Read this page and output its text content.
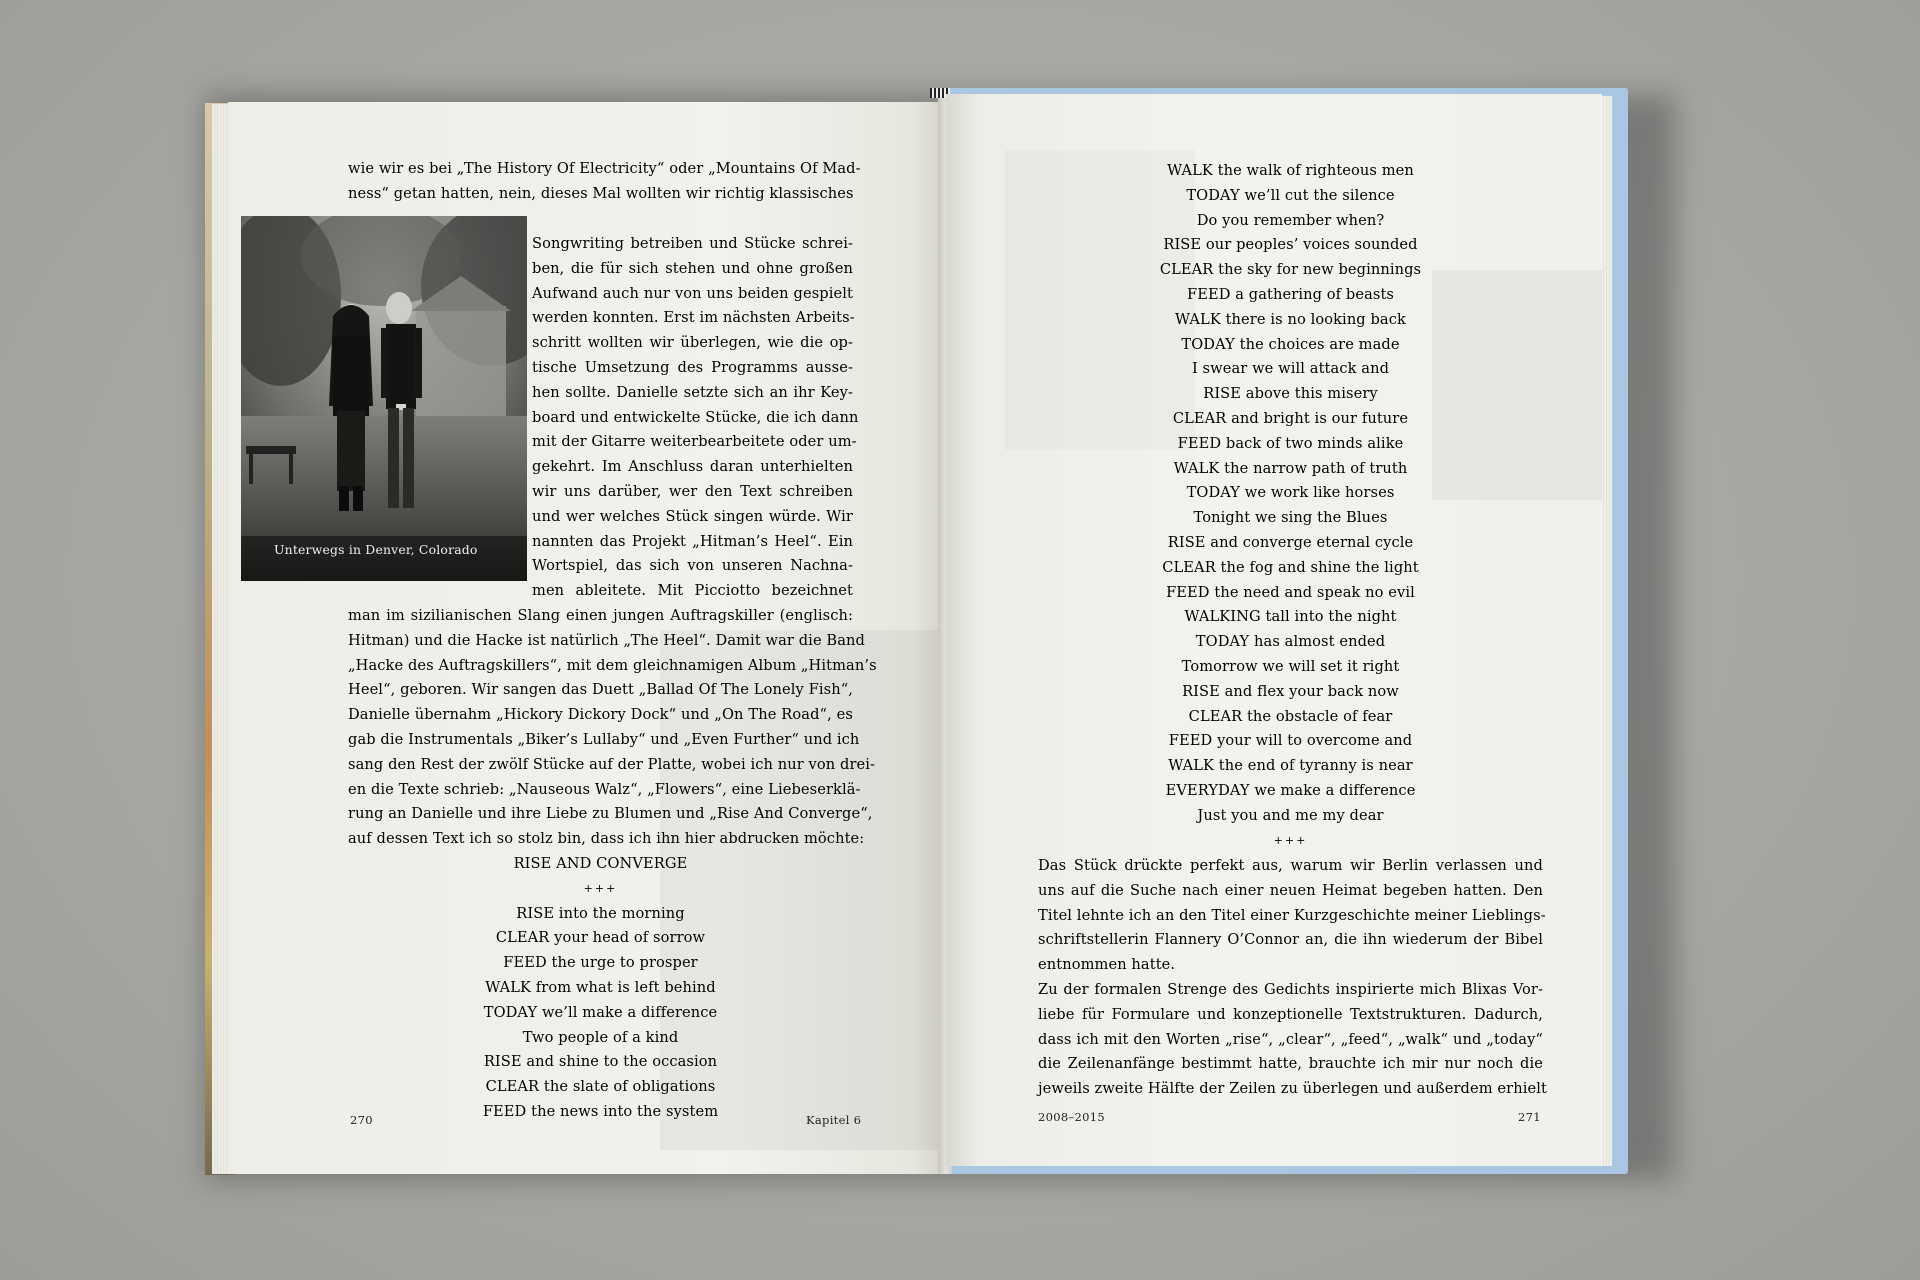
wie wir es bei „The History Of Electricity“ oder „Mountains Of Mad-
ness“ getan hatten, nein, dieses Mal wollten wir richtig klassisches
Unterwegs in Denver, Colorado
Songwriting betreiben und Stücke schrei-
ben, die für sich stehen und ohne großen
Aufwand auch nur von uns beiden gespielt
werden konnten. Erst im nächsten Arbeits-
schritt wollten wir überlegen, wie die op-
tische Umsetzung des Programms ausse-
hen sollte. Danielle setzte sich an ihr Key-
board und entwickelte Stücke, die ich dann
mit der Gitarre weiterbearbeitete oder um-
gekehrt. Im Anschluss daran unterhielten
wir uns darüber, wer den Text schreiben
und wer welches Stück singen würde. Wir
nannten das Projekt „Hitman’s Heel“. Ein
Wortspiel, das sich von unseren Nachna-
men ableitete. Mit Picciotto bezeichnet
man im sizilianischen Slang einen jungen Auftragskiller (englisch:
Hitman) und die Hacke ist natürlich „The Heel“. Damit war die Band
„Hacke des Auftragskillers“, mit dem gleichnamigen Album „Hitman’s
Heel“, geboren. Wir sangen das Duett „Ballad Of The Lonely Fish“,
Danielle übernahm „Hickory Dickory Dock“ und „On The Road“, es
gab die Instrumentals „Biker’s Lullaby“ und „Even Further“ und ich
sang den Rest der zwölf Stücke auf der Platte, wobei ich nur von drei-
en die Texte schrieb: „Nauseous Walz“, „Flowers“, eine Liebeserklä-
rung an Danielle und ihre Liebe zu Blumen und „Rise And Converge“,
auf dessen Text ich so stolz bin, dass ich ihn hier abdrucken möchte:
RISE AND CONVERGE
+++
RISE into the morning
CLEAR your head of sorrow
FEED the urge to prosper
WALK from what is left behind
TODAY we’ll make a difference
Two people of a kind
RISE and shine to the occasion
CLEAR the slate of obligations
FEED the news into the system
270	Kapitel 6
WALK the walk of righteous men
TODAY we’ll cut the silence
Do you remember when?
RISE our peoples’ voices sounded
CLEAR the sky for new beginnings
FEED a gathering of beasts
WALK there is no looking back
TODAY the choices are made
I swear we will attack and
RISE above this misery
CLEAR and bright is our future
FEED back of two minds alike
WALK the narrow path of truth
TODAY we work like horses
Tonight we sing the Blues
RISE and converge eternal cycle
CLEAR the fog and shine the light
FEED the need and speak no evil
WALKING tall into the night
TODAY has almost ended
Tomorrow we will set it right
RISE and flex your back now
CLEAR the obstacle of fear
FEED your will to overcome and
WALK the end of tyranny is near
EVERYDAY we make a difference
Just you and me my dear
+++
Das Stück drückte perfekt aus, warum wir Berlin verlassen und
uns auf die Suche nach einer neuen Heimat begeben hatten. Den
Titel lehnte ich an den Titel einer Kurzgeschichte meiner Lieblings-
schriftstellerin Flannery O’Connor an, die ihn wiederum der Bibel
entnommen hatte.
Zu der formalen Strenge des Gedichts inspirierte mich Blixas Vor-
liebe für Formulare und konzeptionelle Textstrukturen. Dadurch,
dass ich mit den Worten „rise“, „clear“, „feed“, „walk“ und „today“
die Zeilenanfänge bestimmt hatte, brauchte ich mir nur noch die
jeweils zweite Hälfte der Zeilen zu überlegen und außerdem erhielt
2008–2015	271
